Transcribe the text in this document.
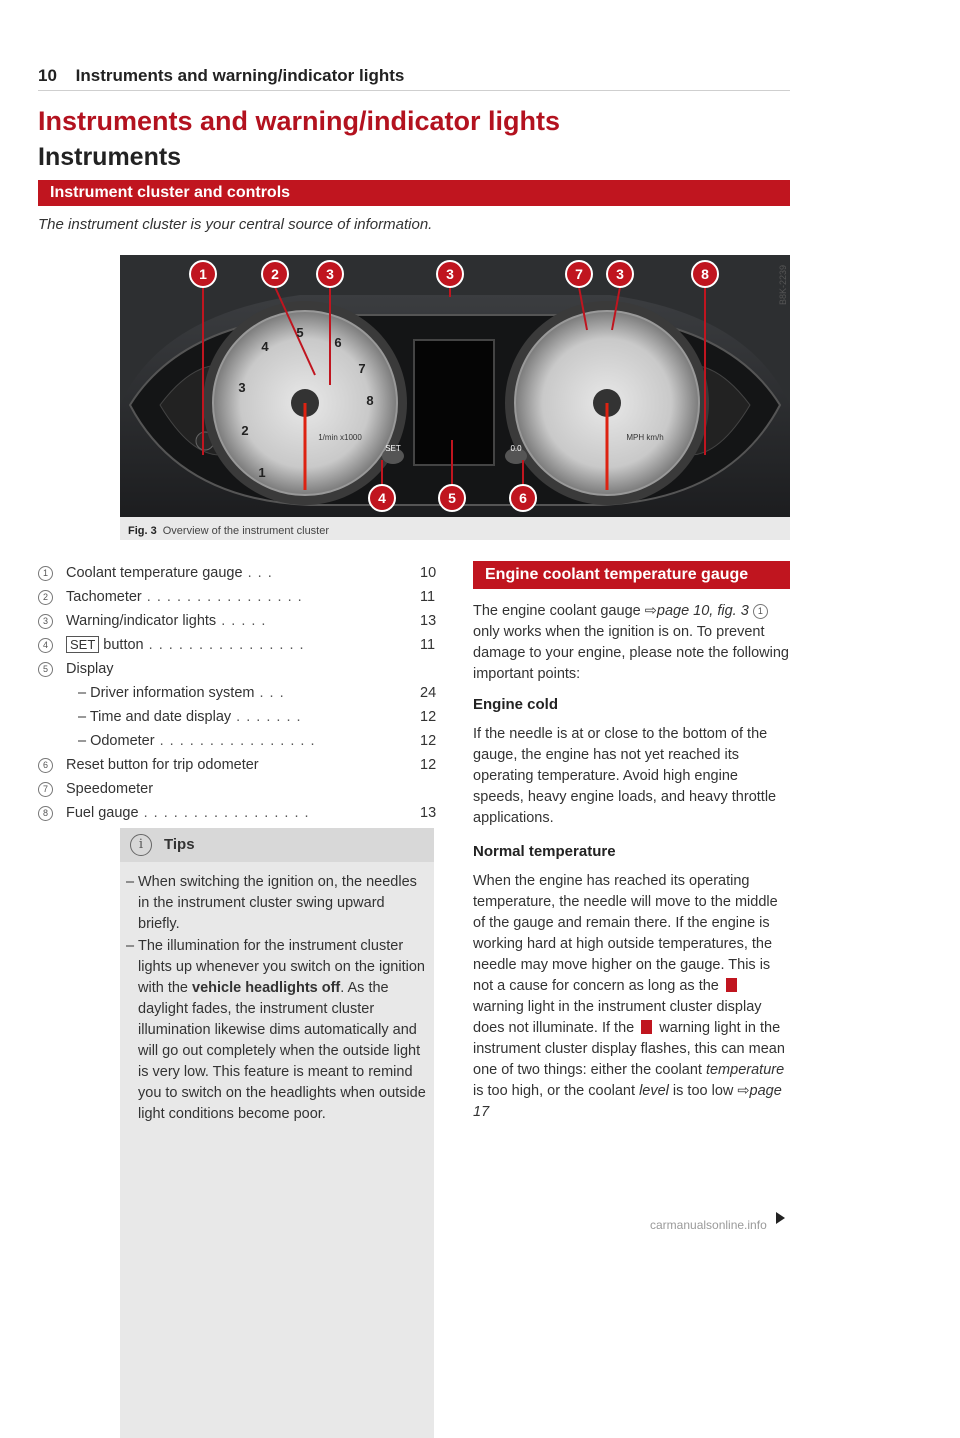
10 Instruments and warning/indicator lights
Instruments and warning/indicator lights
Instruments
Instrument cluster and controls
The instrument cluster is your central source of information.
1	2	3	3	7 3	8
4	5	6
1
2
3
4
5
6
7
8
1/min x1000	MPH km/h
SET	0.0
B8K-2239
Fig. 3 Overview of the instrument cluster
1	Coolant temperature gauge . . .	10
2	Tachometer . . . . . . . . . . . . . . . .	11
3	Warning/indicator lights . . . . .	13
4	SET button . . . . . . . . . . . . . . . .	11
5	Display
– Driver information system . . .	24
– Time and date display . . . . . . .	12
– Odometer . . . . . . . . . . . . . . . .	12
6	Reset button for trip odometer	12
7	Speedometer
8	Fuel gauge . . . . . . . . . . . . . . . . .	13
i	Tips
– When switching the ignition on, the needles in the instrument cluster swing upward briefly.
– The illumination for the instrument cluster lights up whenever you switch on the ignition with the vehicle headlights off. As the daylight fades, the instrument cluster illumination likewise dims automatically and will go out completely when the outside light is very low. This feature is meant to remind you to switch on the headlights when outside light conditions become poor.
Engine coolant temperature gauge
The engine coolant gauge ⇨page 10, fig. 3 1 only works when the ignition is on. To prevent damage to your engine, please note the following important points:
Engine cold
If the needle is at or close to the bottom of the gauge, the engine has not yet reached its operating temperature. Avoid high engine speeds, heavy engine loads, and heavy throttle applications.
Normal temperature
When the engine has reached its operating temperature, the needle will move to the middle of the gauge and remain there. If the engine is working hard at high outside temperatures, the needle may move higher on the gauge. This is not a cause for concern as long as the  warning light in the instrument cluster display does not illuminate. If the  warning light in the instrument cluster display flashes, this can mean one of two things: either the coolant temperature is too high, or the coolant level is too low ⇨page 17
carmanualsonline.info
